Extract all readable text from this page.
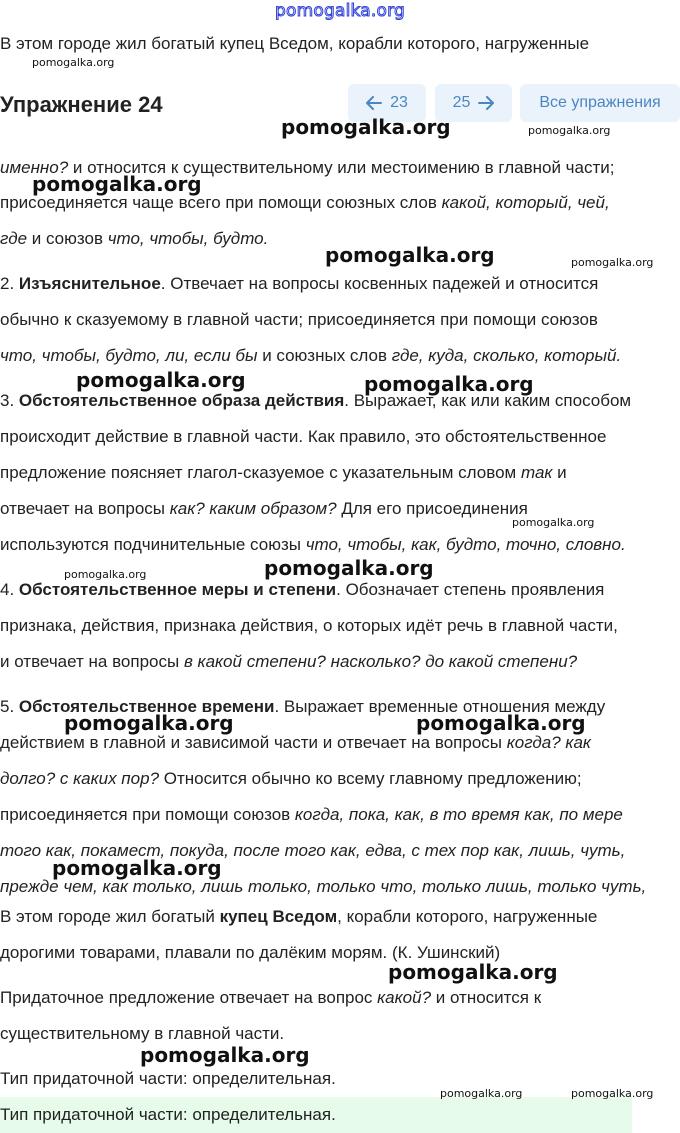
pomogalka.org
В этом городе жил богатый купец Вседом, корабли которого, нагруженные
Упражнение 24	23	25	Все упражнения
именно? и относится к существительному или местоимению в главной части;
присоединяется чаще всего при помощи союзных слов какой, который, чей,
где и союзов что, чтобы, будто.
2. Изъяснительное. Отвечает на вопросы косвенных падежей и относится
обычно к сказуемому в главной части; присоединяется при помощи союзов
что, чтобы, будто, ли, если бы и союзных слов где, куда, сколько, который.
3. Обстоятельственное образа действия. Выражает, как или каким способом
происходит действие в главной части. Как правило, это обстоятельственное
предложение поясняет глагол-сказуемое с указательным словом так и
отвечает на вопросы как? каким образом? Для его присоединения
используются подчинительные союзы что, чтобы, как, будто, точно, словно.
4. Обстоятельственное меры и степени. Обозначает степень проявления
признака, действия, признака действия, о которых идёт речь в главной части,
и отвечает на вопросы в какой степени? насколько? до какой степени?
5. Обстоятельственное времени. Выражает временные отношения между
действием в главной и зависимой части и отвечает на вопросы когда? как
долго? с каких пор? Относится обычно ко всему главному предложению;
присоединяется при помощи союзов когда, пока, как, в то время как, по мере
того как, покамест, покуда, после того как, едва, с тех пор как, лишь, чуть,
прежде чем, как только, лишь только, только что, только лишь, только чуть,
В этом городе жил богатый купец Вседом, корабли которого, нагруженные
дорогими товарами, плавали по далёким морям. (К. Ушинский)
Придаточное предложение отвечает на вопрос какой? и относится к
существительному в главной части.
Тип придаточной части: определительная.
Тип придаточной части: определительная.
pomogalka.org
pomogalka.org	pomogalka.org
pomogalka.org
pomogalka.org	pomogalka.org
pomogalka.org	pomogalka.org
pomogalka.org
pomogalka.org
pomogalka.org
pomogalka.org	pomogalka.org
pomogalka.org
pomogalka.org
pomogalka.org
pomogalka.org	pomogalka.org
